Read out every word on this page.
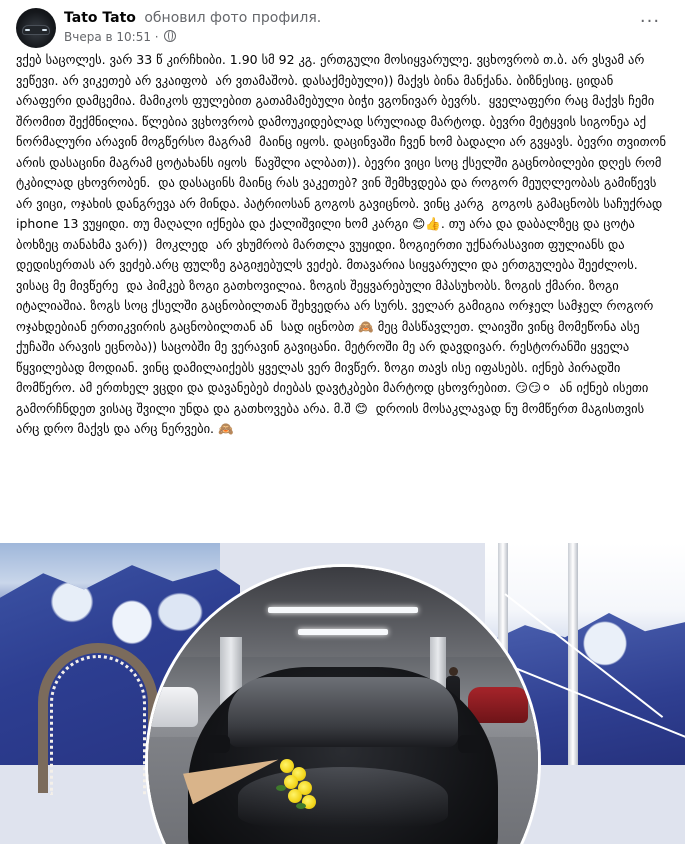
Tato Tato обновил фото профиля.
Вчера в 10:51 ·
···
ვქებ საცოლეს. ვარ 33 წ კირჩხიბი. 1.90 სმ 92 კგ. ერთგული მოსიყვარულე. ვცხოვრობ თ.ბ. არ ვსვამ არ ვეწევი. არ ვიკეთებ არ ვკაიფობ  არ ვთამაშობ. დასაქმებული)) მაქვს ბინა მანქანა. ბიზნესიც. ციდან არაფერი დამცემია. მამიკოს ფულებით გათამამებული ბიჭი ვგონივარ ბევრს.  ყველაფერი რაც მაქვს ჩემი შრომით შექმნილია. წლებია ვცხოვრობ დამოუკიდებლად სრულიად მარტოდ. ბევრი მეტყვის სიგონეა აქ ნორმალური არავინ მოგწერსო მაგრამ  მაინც იყოს. დაცინვაში ჩვენ ხომ ბადალი არ გვყავს. ბევრი თვითონ არის დასაცინი მაგრამ ცოტახანს იყოს  წავშლი ალბათ)). ბევრი ვიცი სოც ქსელში გაცნობილები დღეს რომ ტკბილად ცხოვრობენ.  და დასაცინს მაინც რას ვაკეთებ? ვინ შემხვდება და როგორ მეუღლეობას გამიწევს არ ვიცი, ოჯახის დანგრევა არ მინდა. პატრიოსან გოგოს გავიცნობ. ვინც კარგ  გოგოს გამაცნობს საჩუქრად iphone 13 ვუყიდი. თუ მაღალი იქნება და ქალიშვილი ხომ კარგი 😊👍. თუ არა და დაბალზეც და ცოტა ბოხზეც თანახმა ვარ))  მოკლედ  არ ვხუმრობ მართლა ვუყიდი. ზოგიერთი უქნარასავით ფულიანს და დედისერთას არ ვეძებ.არც ფულზე გაგიჟებულს ვეძებ. მთავარია სიყვარული და ერთგულება შეეძლოს. ვისაც მე მივწერე  და ჰიმკებ ზოგი გათხოვილია. ზოგის შეყვარებული მპასუხობს. ზოგის ქმარი. ზოგი იტალიაშია. ზოგს სოც ქსელში გაცნობილთან შეხვედრა არ სურს. ველარ გამიგია ორჯელ სამჯელ როგორ ოჯახდებიან ერთიკვირის გაცნობილთან ან  სად იცნობთ 🙈 მეც მასწავლეთ. ლაივში ვინც მომეწონა ასე ქუჩაში არავის ეცნობა)) საცობში მე ვერავინ გავიცანი. მეტროში მე არ დავდივარ. რესტორანში ყველა წყვილებად მოდიან. ვინც დამილაიქებს ყველას ვერ მივწერ. ზოგი თავს ისე იფასებს. იქნებ პირადში მომწერო. ამ ერთხელ ვცდი და დავანებებ ძიებას დავტკბები მარტოდ ცხოვრებით. 😏😏⚪  ან იქნებ ისეთი გამორჩნდეთ ვისაც შვილი უნდა და გათხოვება არა. მ.შ 😊  დროის მოსაკლავად ნუ მომწერთ მაგისთვის არც დრო მაქვს და არც ნერვები. 🙈
